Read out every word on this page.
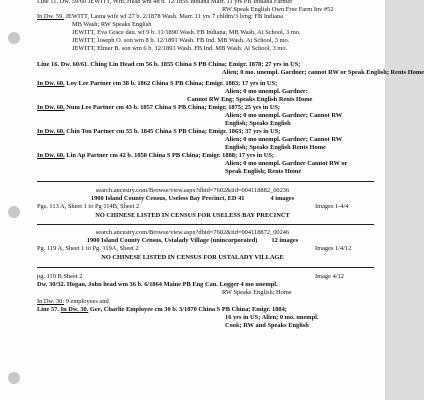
Line 11. Dw. 59/60 JEWITT, Wm. Head wm 48 b. 12/1856 Indiana Marr. 11 yrs PB Indiana Farmer
RW Speak English Own Free Farm Inv #52
In Dw. 59. JEWITT, Laura wife wf 27 b. 2/1878 Wash. Marr. 11 yrs 7 chldrn/3 lvng; FB Indiana
MB Wash; RW Speaks English
JEWITT, Eva Grace dau. wf 9 b. 11/1890 Wash. FB Indiana; MB Wash, At School, 3 mo.
JEWITT, Joseph O. son wm 8 b. 12/1891 Wash. FB Ind. MB Wash. At School, 3 mo.
JEWITT, Elmer B. son wm 6 b. 12/1893 Wash. FB Ind. MB Wash. At School, 3 mo.
Line 16. Dw. 60/61. Ching Lin Head cm 56 b. 1855 China S PB China; Emigr. 1878; 27 yrs in US;
Alien; 0 mo. unempl. Gardner; cannot RW or Speak English; Rents Home
In Dw. 60. Loy Lee Partner cm 38 b. 1862 China S PB China; Emigr. 1883; 17 yrs in US;
Alien; 0 mo unempl. Gardner:
Cannot RW Eng; Speaks English Rents Home
In Dw. 60. Num Lee Partner cm 43 b. 1857 China S PB China; Emigr. 1875; 25 yrs in US;
Alien; 0 mo unempl. Gardner; Cannot RW
English; Speaks English
In Dw. 60. Chin Ton Partner cm 55 b. 1845 China S PB China; Emigr. 1863; 37 yrs in US;
Alien; 0 mo unempl. Gardner; Cannot RW
English; Speaks English Rents Home
In Dw. 60. Lin Ap Partner cm 42 b. 1858 China S PB China; Emigr. 1888; 17 yrs in US;
Alien; 0 mo unempl. Gardner Cannot RW or
Speak English; Rents Home
search.ancestry.com/Browse/view.aspx?dbid=7602&iid=004118882_00236
1900 Island County Census, Useless Bay Precinct, ED 41	4 images
Pgs. 113 A, Sheet 1 to Pg 114B, Sheet 2	Images 1-4/4
NO CHINESE LISTED IN CENSUS FOR USELESS BAY PRECINCT
search.ancestry.com/Browse/view.aspx?dbid=7602&iid=004118872_00246
1900 Island County Census, Ustalady Village (unincorporated) 12 images
Pg. 119 A, Sheet 1 to Pg. 119A, Sheet 2	Images 1/4/12
NO CHINESE LISTED IN CENSUS FOR USTALADY VILLAGE
pg. 119 B Sheet 2	Image 4/12
Dw. 30/32. Hogan, John head wm 36 b. 6/1864 Maine PB Eng Can. Logger 4 mo unempl.
RW Speaks English; Home
In Dw. 30: 9 employees and
Line 57. In Dw. 30. Gee, Charlie Employee cm 30 b. 3/1870 China S PB China; Emigr. 1884;
16 yrs in US; Alien; 0 mo. unempl.
Cook; RW and Speaks English
